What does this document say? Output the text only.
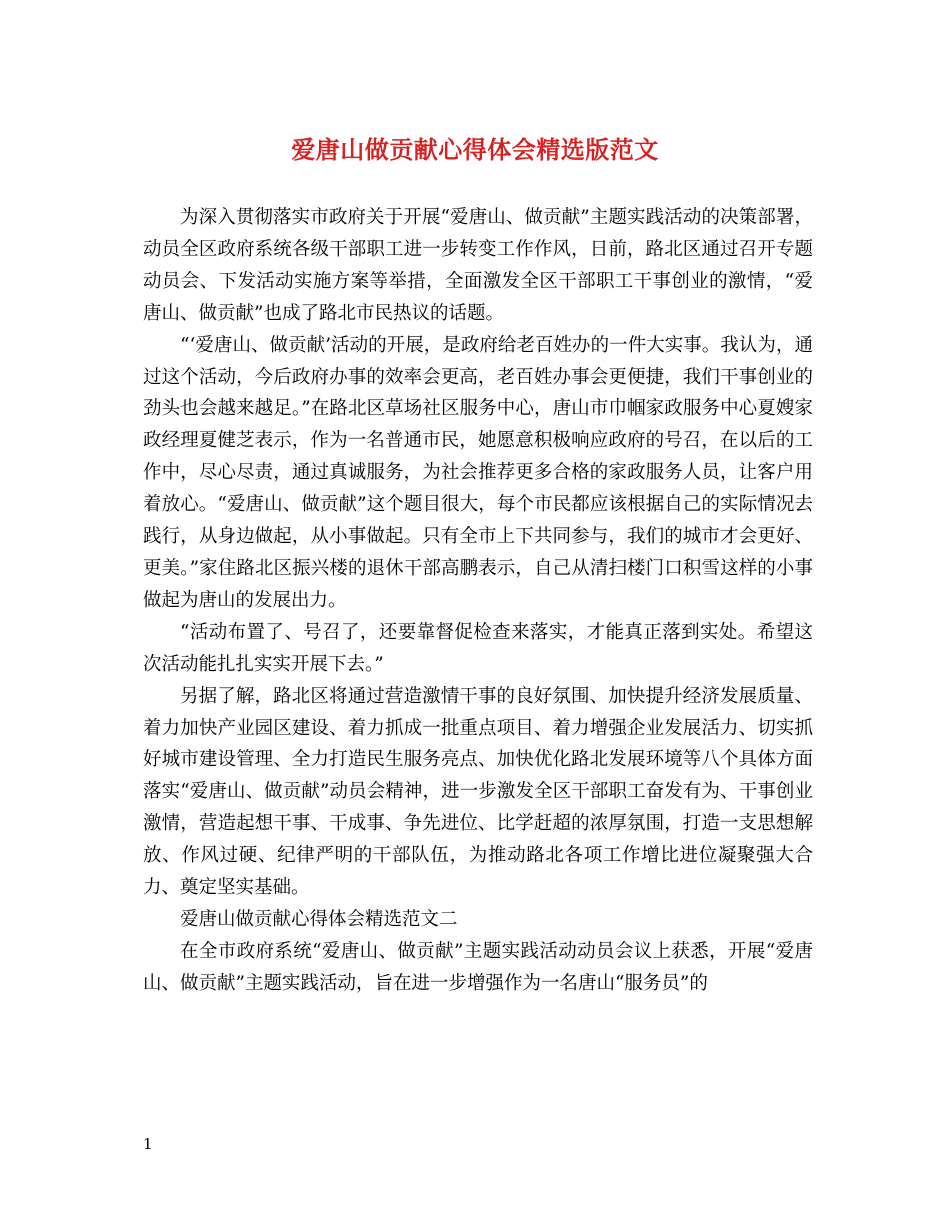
爱唐山做贡献心得体会精选版范文

为深入贯彻落实市政府关于开展“爱唐山、做贡献”主题实践活动的决策部署，动员全区政府系统各级干部职工进一步转变工作作风，日前，路北区通过召开专题动员会、下发活动实施方案等举措，全面激发全区干部职工干事创业的激情，“爱唐山、做贡献”也成了路北市民热议的话题。

“‘爱唐山、做贡献’活动的开展，是政府给老百姓办的一件大实事。我认为，通过这个活动，今后政府办事的效率会更高，老百姓办事会更便捷，我们干事创业的劲头也会越来越足。”在路北区草场社区服务中心，唐山市巾帼家政服务中心夏嫂家政经理夏健芝表示，作为一名普通市民，她愿意积极响应政府的号召，在以后的工作中，尽心尽责，通过真诚服务，为社会推荐更多合格的家政服务人员，让客户用着放心。“爱唐山、做贡献”这个题目很大，每个市民都应该根据自己的实际情况去践行，从身边做起，从小事做起。只有全市上下共同参与，我们的城市才会更好、更美。”家住路北区振兴楼的退休干部高鹏表示，自己从清扫楼门口积雪这样的小事做起为唐山的发展出力。

“活动布置了、号召了，还要靠督促检查来落实，才能真正落到实处。希望这次活动能扎扎实实开展下去。”

另据了解，路北区将通过营造激情干事的良好氛围、加快提升经济发展质量、着力加快产业园区建设、着力抓成一批重点项目、着力增强企业发展活力、切实抓好城市建设管理、全力打造民生服务亮点、加快优化路北发展环境等八个具体方面落实“爱唐山、做贡献”动员会精神，进一步激发全区干部职工奋发有为、干事创业激情，营造起想干事、干成事、争先进位、比学赶超的浓厚氛围，打造一支思想解放、作风过硬、纪律严明的干部队伍，为推动路北各项工作增比进位凝聚强大合力、奠定坚实基础。

爱唐山做贡献心得体会精选范文二

在全市政府系统“爱唐山、做贡献”主题实践活动动员会议上获悉，开展“爱唐山、做贡献”主题实践活动，旨在进一步增强作为一名唐山“服务员”的

1
